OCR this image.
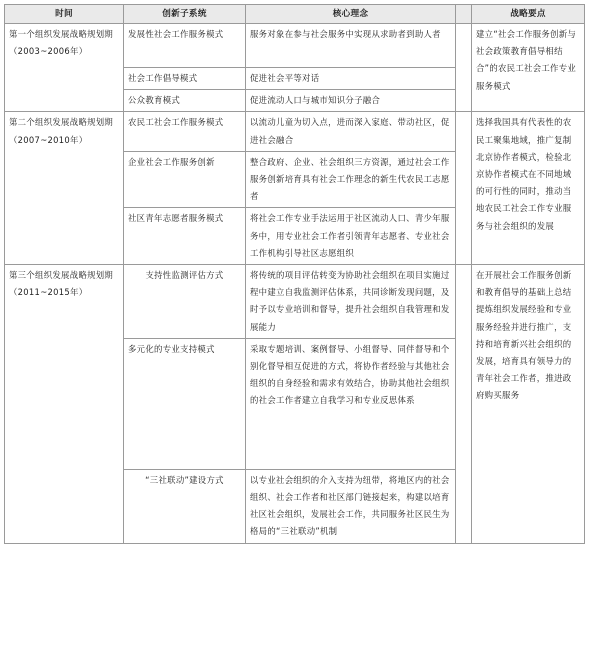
时间	创新子系统	核心理念		战略要点
第一个组织发展战略规划期（2003~2006年）	发展性社会工作服务模式	服务对象在参与社会服务中实现从求助者到助人者		建立“社会工作服务创新与社会政策教育倡导相结合”的农民工社会工作专业服务模式
	社会工作倡导模式	促进社会平等对话		
	公众教育模式	促进流动人口与城市知识分子融合		
第二个组织发展战略规划期（2007~2010年）	农民工社会工作服务模式	以流动儿童为切入点，进而深入家庭、带动社区，促进社会融合		选择我国具有代表性的农民工聚集地域，推广复制北京协作者模式，检验北京协作者模式在不同地域的可行性的同时，推动当地农民工社会工作专业服务与社会组织的发展
	企业社会工作服务创新	整合政府、企业、社会组织三方资源，通过社会工作服务创新培育具有社会工作理念的新生代农民工志愿者		
	社区青年志愿者服务模式	将社会工作专业手法运用于社区流动人口、青少年服务中，用专业社会工作者引领青年志愿者、专业社会工作机构引导社区志愿组织		
第三个组织发展战略规划期（2011~2015年）	支持性监测评估方式	将传统的项目评估转变为协助社会组织在项目实施过程中建立自我监测评估体系，共同诊断发现问题，及时予以专业培训和督导，提升社会组织自我管理和发展能力		在开展社会工作服务创新和教育倡导的基础上总结提炼组织发展经验和专业服务经验并进行推广，支持和培育新兴社会组织的发展，培育具有领导力的青年社会工作者，推进政府购买服务
	多元化的专业支持模式	采取专题培训、案例督导、小组督导、同伴督导和个别化督导相互促进的方式，将协作者经验与其他社会组织的自身经验和需求有效结合，协助其他社会组织的社会工作者建立自我学习和专业反思体系		
	“三社联动”建设方式	以专业社会组织的介入支持为纽带，将地区内的社会组织、社会工作者和社区部门链接起来，构建以培育社区社会组织，发展社会工作，共同服务社区民生为格局的“三社联动”机制		
